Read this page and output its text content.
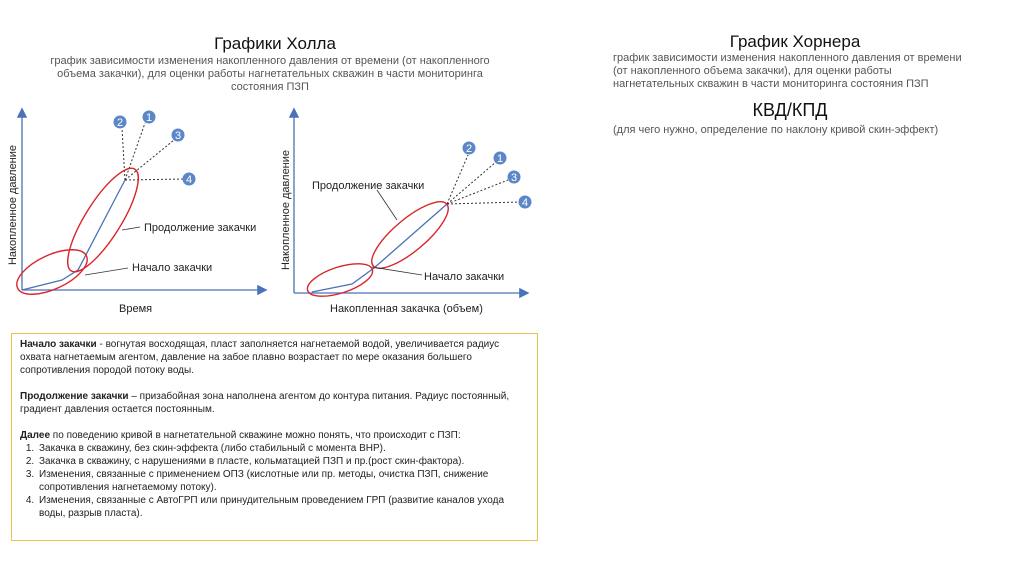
Графики Холла
график зависимости изменения накопленного давления от времени (от накопленного
объема закачки), для оценки работы нагнетательных скважин в части мониторинга
состояния ПЗП
График Хорнера
график зависимости изменения накопленного давления от времени
(от накопленного объема закачки), для оценки работы
нагнетательных скважин в части мониторинга состояния ПЗП
КВД/КПД
(для чего нужно, определение по наклону кривой скин-эффект)
2 1
3
4
Продолжение закачки
Начало закачки
Время
Накопленное давление	2
1
3
4
Продолжение закачки
Начало закачки
Накопленная закачка (объем)
Накопленное давление

Начало закачки - вогнутая восходящая, пласт заполняется нагнетаемой водой, увеличивается радиус охвата нагнетаемым агентом, давление на забое плавно возрастает по мере оказания большего сопротивления породой потоку воды.

Продолжение закачки – призабойная зона наполнена агентом до контура питания. Радиус постоянный, градиент давления остается постоянным.

Далее по поведению кривой в нагнетательной скважине можно понять, что происходит с ПЗП:

1. Закачка в скважину, без скин-эффекта (либо стабильный с момента ВНР).
2. Закачка в скважину, с нарушениями в пласте, кольматацией ПЗП и пр.(рост скин-фактора).
3. Изменения, связанные с применением ОПЗ (кислотные или пр. методы, очистка ПЗП, снижение сопротивления нагнетаемому потоку).
4. Изменения, связанные с АвтоГРП или принудительным проведением ГРП (развитие каналов ухода воды, разрыв пласта).
